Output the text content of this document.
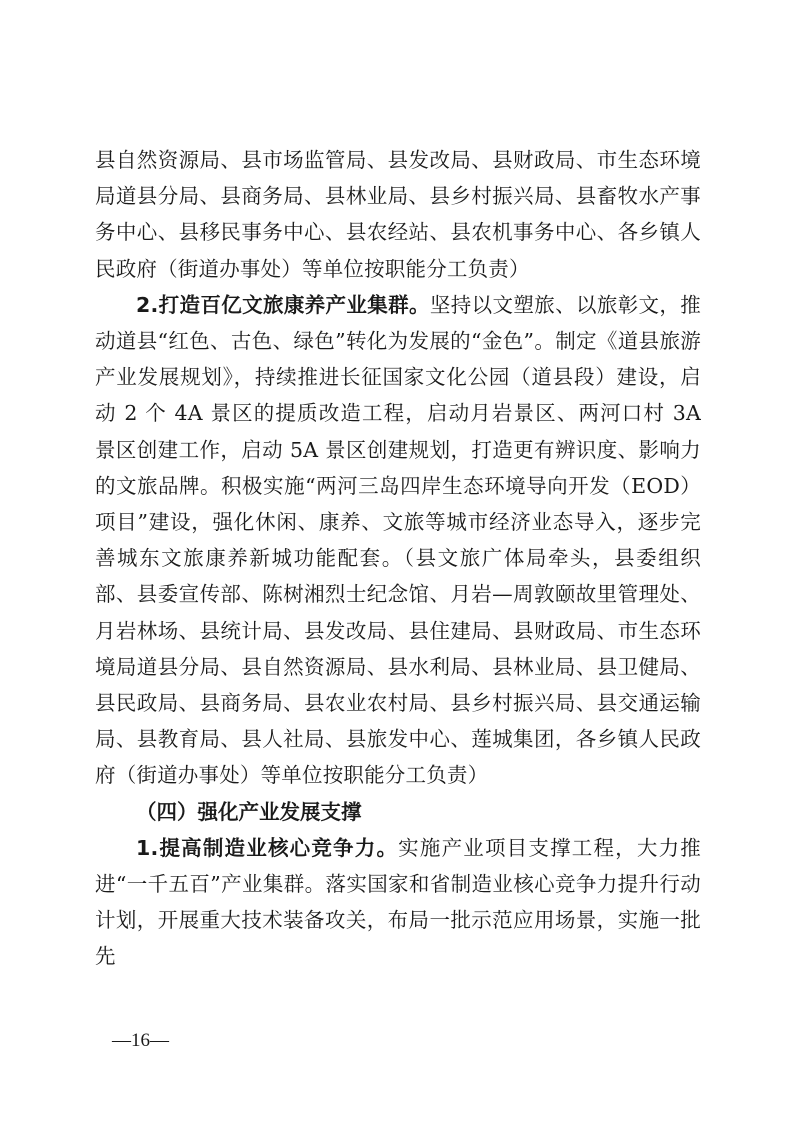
县自然资源局、县市场监管局、县发改局、县财政局、市生态环境局道县分局、县商务局、县林业局、县乡村振兴局、县畜牧水产事务中心、县移民事务中心、县农经站、县农机事务中心、各乡镇人民政府（街道办事处）等单位按职能分工负责）

2.打造百亿文旅康养产业集群。坚持以文塑旅、以旅彰文，推动道县“红色、古色、绿色”转化为发展的“金色”。制定《道县旅游产业发展规划》，持续推进长征国家文化公园（道县段）建设，启动 2 个 4A 景区的提质改造工程，启动月岩景区、两河口村 3A 景区创建工作，启动 5A 景区创建规划，打造更有辨识度、影响力的文旅品牌。积极实施“两河三岛四岸生态环境导向开发（EOD）项目”建设，强化休闲、康养、文旅等城市经济业态导入，逐步完善城东文旅康养新城功能配套。（县文旅广体局牵头，县委组织部、县委宣传部、陈树湘烈士纪念馆、月岩—周敦颐故里管理处、月岩林场、县统计局、县发改局、县住建局、县财政局、市生态环境局道县分局、县自然资源局、县水利局、县林业局、县卫健局、县民政局、县商务局、县农业农村局、县乡村振兴局、县交通运输局、县教育局、县人社局、县旅发中心、莲城集团，各乡镇人民政府（街道办事处）等单位按职能分工负责）

（四）强化产业发展支撑

1.提高制造业核心竞争力。实施产业项目支撑工程，大力推进“一千五百”产业集群。落实国家和省制造业核心竞争力提升行动计划，开展重大技术装备攻关，布局一批示范应用场景，实施一批先

—16—
